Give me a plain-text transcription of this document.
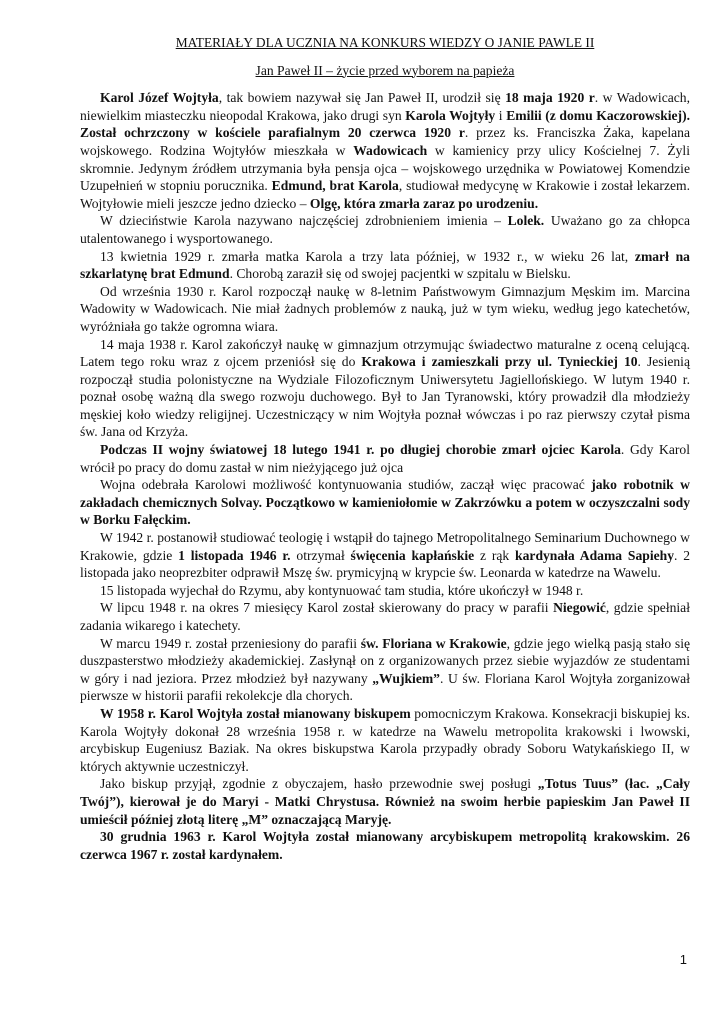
MATERIAŁY DLA UCZNIA NA KONKURS WIEDZY O JANIE PAWLE II

Jan Paweł II – życie przed wyborem na papieża

Karol Józef Wojtyła, tak bowiem nazywał się Jan Paweł II, urodził się 18 maja 1920 r. w Wadowicach, niewielkim miasteczku nieopodal Krakowa, jako drugi syn Karola Wojtyły i Emilii (z domu Kaczorowskiej). Został ochrzczony w kościele parafialnym 20 czerwca 1920 r. przez ks. Franciszka Żaka, kapelana wojskowego. Rodzina Wojtyłów mieszkała w Wadowicach w kamienicy przy ulicy Kościelnej 7. Żyli skromnie. Jedynym źródłem utrzymania była pensja ojca – wojskowego urzędnika w Powiatowej Komendzie Uzupełnień w stopniu porucznika. Edmund, brat Karola, studiował medycynę w Krakowie i został lekarzem. Wojtyłowie mieli jeszcze jedno dziecko – Olgę, która zmarła zaraz po urodzeniu.

W dzieciństwie Karola nazywano najczęściej zdrobnieniem imienia – Lolek. Uważano go za chłopca utalentowanego i wysportowanego.

13 kwietnia 1929 r. zmarła matka Karola a trzy lata później, w 1932 r., w wieku 26 lat, zmarł na szkarlatynę brat Edmund. Chorobą zaraził się od swojej pacjentki w szpitalu w Bielsku.

Od września 1930 r. Karol rozpoczął naukę w 8-letnim Państwowym Gimnazjum Męskim im. Marcina Wadowity w Wadowicach. Nie miał żadnych problemów z nauką, już w tym wieku, według jego katechetów, wyróżniała go także ogromna wiara.

14 maja 1938 r. Karol zakończył naukę w gimnazjum otrzymując świadectwo maturalne z oceną celującą. Latem tego roku wraz z ojcem przeniósł się do Krakowa i zamieszkali przy ul. Tynieckiej 10. Jesienią rozpoczął studia polonistyczne na Wydziale Filozoficznym Uniwersytetu Jagiellońskiego. W lutym 1940 r. poznał osobę ważną dla swego rozwoju duchowego. Był to Jan Tyranowski, który prowadził dla młodzieży męskiej koło wiedzy religijnej. Uczestniczący w nim Wojtyła poznał wówczas i po raz pierwszy czytał pisma św. Jana od Krzyża.

Podczas II wojny światowej 18 lutego 1941 r. po długiej chorobie zmarł ojciec Karola. Gdy Karol wrócił po pracy do domu zastał w nim nieżyjącego już ojca

Wojna odebrała Karolowi możliwość kontynuowania studiów, zaczął więc pracować jako robotnik w zakładach chemicznych Solvay. Początkowo w kamieniołomie w Zakrzówku a potem w oczyszczalni sody w Borku Fałęckim.

W 1942 r. postanowił studiować teologię i wstąpił do tajnego Metropolitalnego Seminarium Duchownego w Krakowie, gdzie 1 listopada 1946 r. otrzymał święcenia kapłańskie z rąk kardynała Adama Sapiehy. 2 listopada jako neoprezbiter odprawił Mszę św. prymicyjną w krypcie św. Leonarda w katedrze na Wawelu.

15 listopada wyjechał do Rzymu, aby kontynuować tam studia, które ukończył w 1948 r.

W lipcu 1948 r. na okres 7 miesięcy Karol został skierowany do pracy w parafii Niegowić, gdzie spełniał zadania wikarego i katechety.

W marcu 1949 r. został przeniesiony do parafii św. Floriana w Krakowie, gdzie jego wielką pasją stało się duszpasterstwo młodzieży akademickiej. Zasłynął on z organizowanych przez siebie wyjazdów ze studentami w góry i nad jeziora. Przez młodzież był nazywany „Wujkiem”. U św. Floriana Karol Wojtyła zorganizował pierwsze w historii parafii rekolekcje dla chorych.

W 1958 r. Karol Wojtyła został mianowany biskupem pomocniczym Krakowa. Konsekracji biskupiej ks. Karola Wojtyły dokonał 28 września 1958 r. w katedrze na Wawelu metropolita krakowski i lwowski, arcybiskup Eugeniusz Baziak. Na okres biskupstwa Karola przypadły obrady Soboru Watykańskiego II, w których aktywnie uczestniczył.

Jako biskup przyjął, zgodnie z obyczajem, hasło przewodnie swej posługi „Totus Tuus” (łac. „Cały Twój”), kierował je do Maryi - Matki Chrystusa. Również na swoim herbie papieskim Jan Paweł II umieścił później złotą literę „M” oznaczającą Maryję.

30 grudnia 1963 r. Karol Wojtyła został mianowany arcybiskupem metropolitą krakowskim. 26 czerwca 1967 r. został kardynałem.

1
